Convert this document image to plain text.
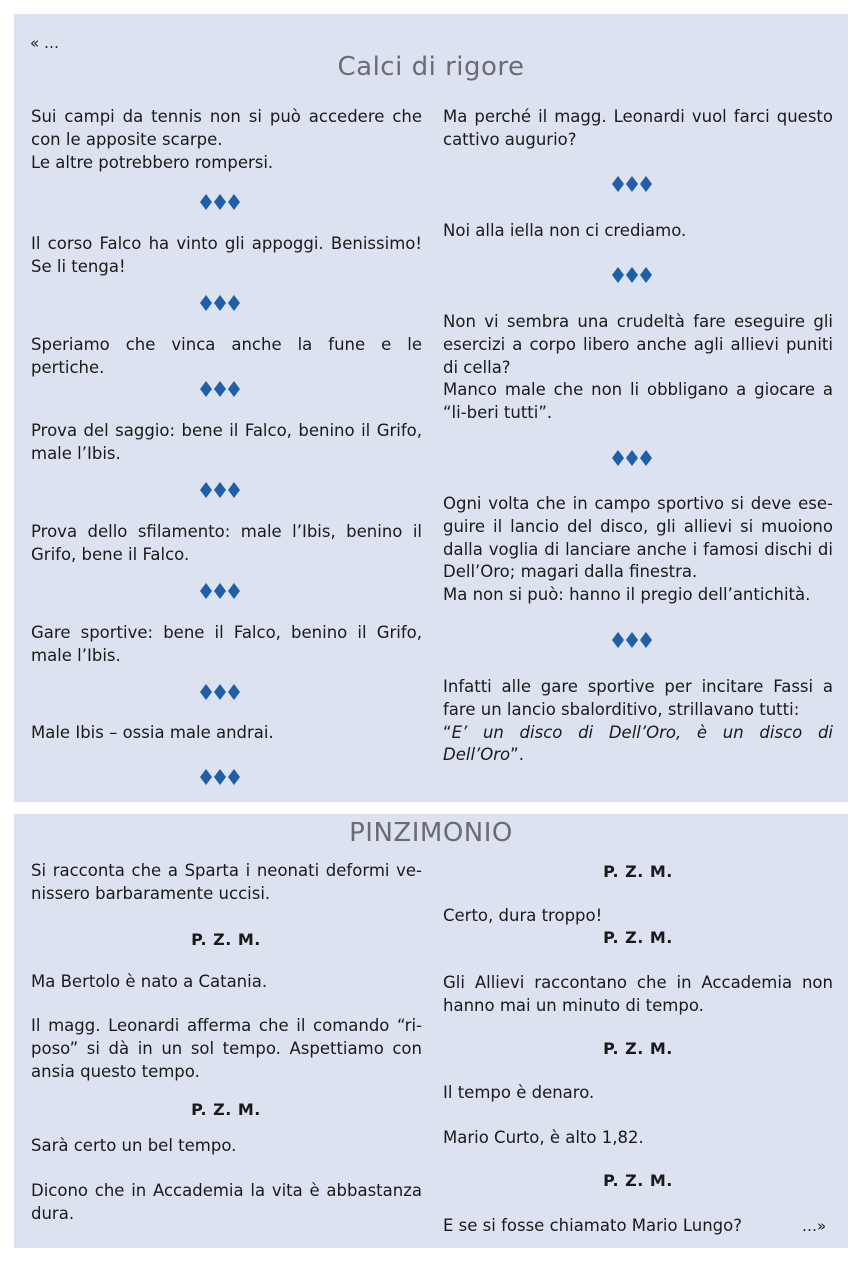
« …
Calci di rigore

Sui campi da tennis non si può accedere che con le apposite scarpe.

Le altre potrebbero rompersi.

Il corso Falco ha vinto gli appoggi. Benissimo! Se li tenga!

Speriamo che vinca anche la fune e le pertiche.

Prova del saggio: bene il Falco, benino il Grifo, male l’Ibis.

Prova dello sfilamento: male l’Ibis, benino il Grifo, bene il Falco.

Gare sportive: bene il Falco, benino il Grifo, male l’Ibis.

Male Ibis – ossia male andrai.

Ma perché il magg. Leonardi vuol farci questo cattivo augurio?

Noi alla iella non ci crediamo.

Non vi sembra una crudeltà fare eseguire gli esercizi a corpo libero anche agli allievi puniti di cella?

Manco male che non li obbligano a giocare a “li-beri tutti”.

Ogni volta che in campo sportivo si deve ese-guire il lancio del disco, gli allievi si muoiono dalla voglia di lanciare anche i famosi dischi di Dell’Oro; magari dalla finestra.

Ma non si può: hanno il pregio dell’antichità.

Infatti alle gare sportive per incitare Fassi a fare un lancio sbalorditivo, strillavano tutti:

“E’ un disco di Dell’Oro, è un disco di Dell’Oro”.

PINZIMONIO

Si racconta che a Sparta i neonati deformi ve-nissero barbaramente uccisi.

P. Z. M.

Ma Bertolo è nato a Catania.

Il magg. Leonardi afferma che il comando “ri-poso” si dà in un sol tempo. Aspettiamo con ansia questo tempo.

P. Z. M.

Sarà certo un bel tempo.

Dicono che in Accademia la vita è abbastanza dura.

P. Z. M.

Certo, dura troppo!

P. Z. M.

Gli Allievi raccontano che in Accademia non hanno mai un minuto di tempo.

P. Z. M.

Il tempo è denaro.

Mario Curto, è alto 1,82.

P. Z. M.

E se si fosse chiamato Mario Lungo?	…»
